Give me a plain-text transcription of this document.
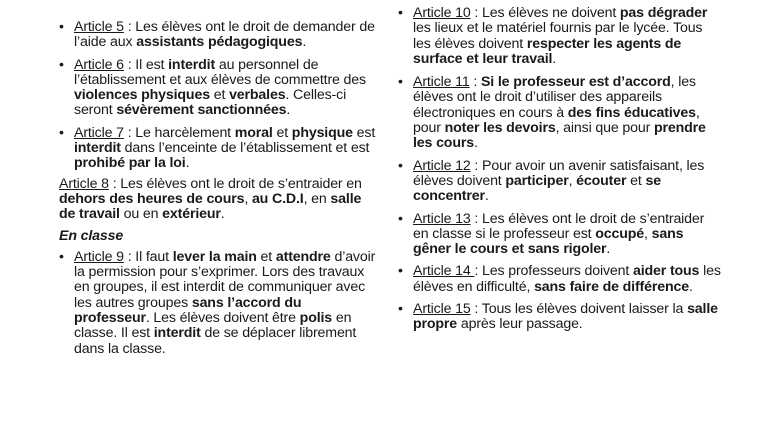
• Article 5 : Les élèves ont le droit de demander de l’aide aux assistants pédagogiques.
• Article 6 : Il est interdit au personnel de l’établissement et aux élèves de commettre des violences physiques et verbales. Celles-ci seront sévèrement sanctionnées.
• Article 7 : Le harcèlement moral et physique est interdit dans l’enceinte de l’établissement et est prohibé par la loi.

Article 8 : Les élèves ont le droit de s’entraider en dehors des heures de cours, au C.D.I, en salle de travail ou en extérieur.

En classe

• Article 9 : Il faut lever la main et attendre d’avoir la permission pour s’exprimer. Lors des travaux en groupes, il est interdit de communiquer avec les autres groupes sans l’accord du professeur. Les élèves doivent être polis en classe. Il est interdit de se déplacer librement dans la classe.
• Article 10 : Les élèves ne doivent pas dégrader les lieux et le matériel fournis par le lycée. Tous les élèves doivent respecter les agents de surface et leur travail.
• Article 11 : Si le professeur est d’accord, les élèves ont le droit d’utiliser des appareils électroniques en cours à des fins éducatives, pour noter les devoirs, ainsi que pour prendre les cours.
• Article 12 : Pour avoir un avenir satisfaisant, les élèves doivent participer, écouter et se concentrer.
• Article 13 : Les élèves ont le droit de s’entraider en classe si le professeur est occupé, sans gêner le cours et sans rigoler.
• Article 14 : Les professeurs doivent aider tous les élèves en difficulté, sans faire de différence.
• Article 15 : Tous les élèves doivent laisser la salle propre après leur passage.
